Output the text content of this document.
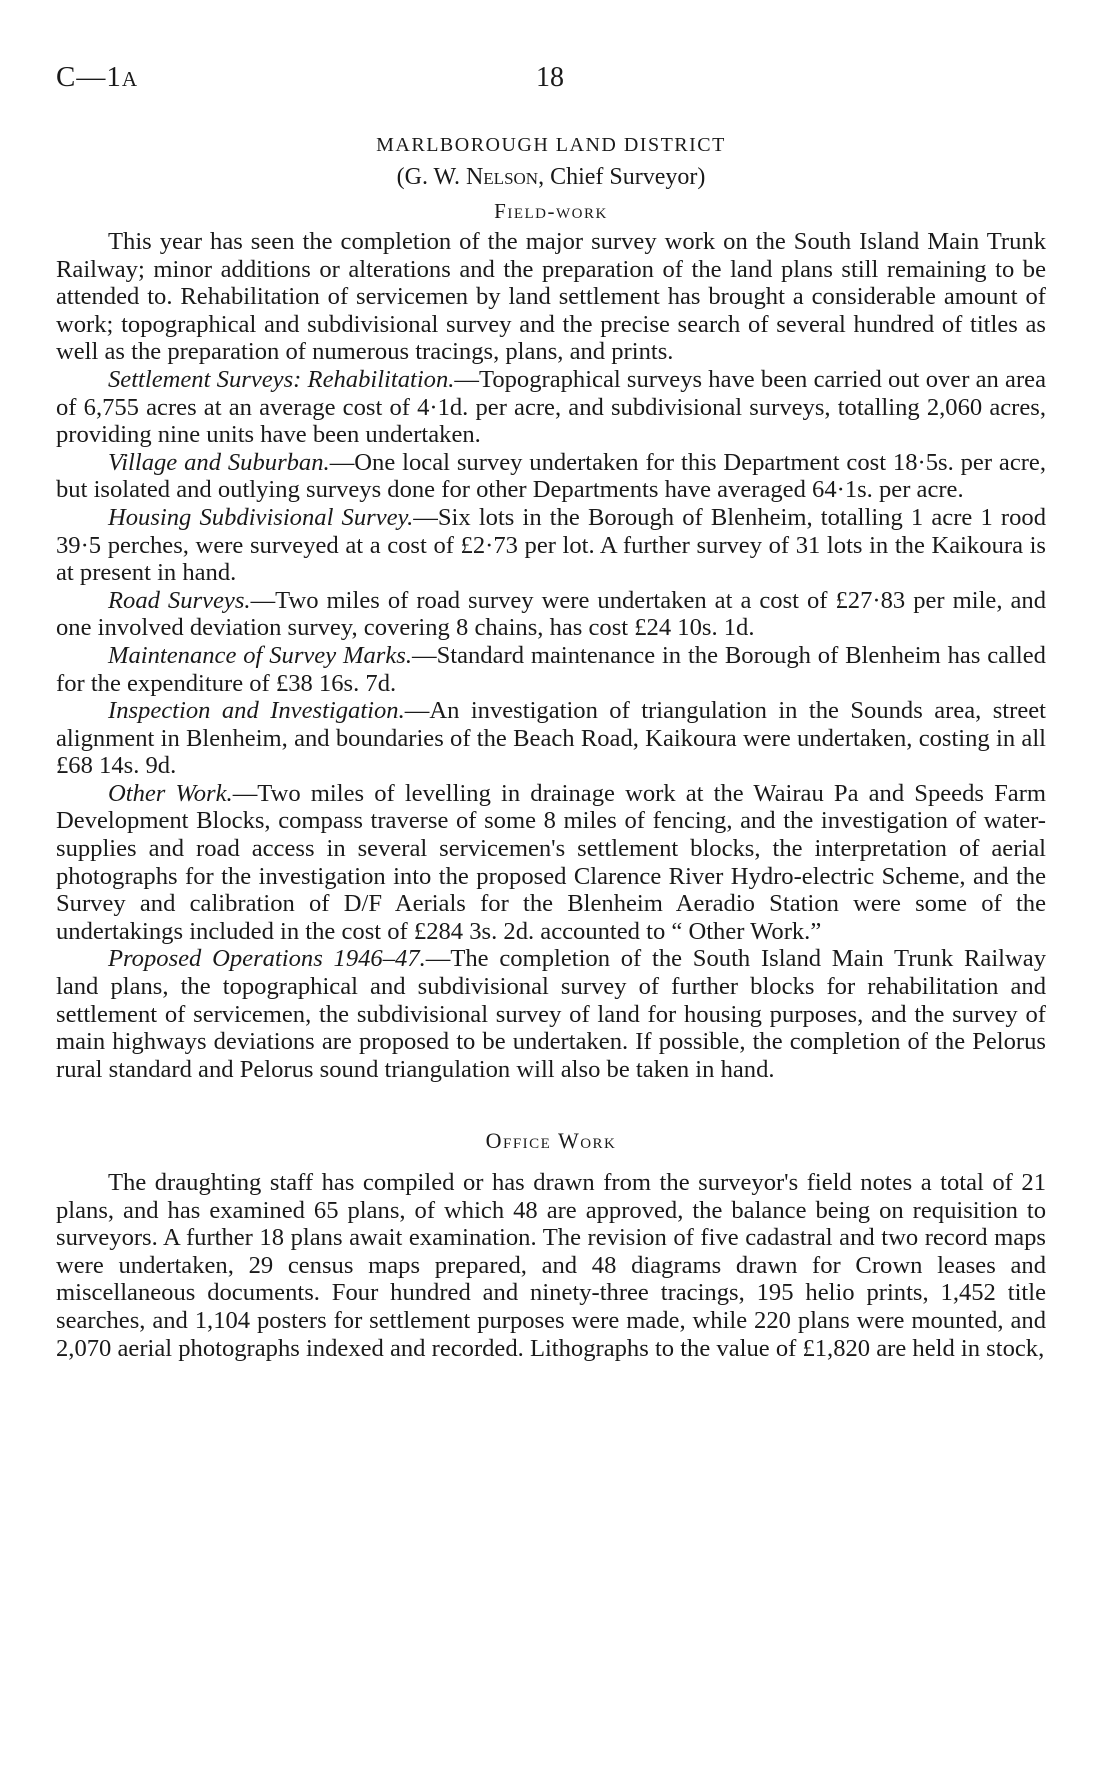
C—1A	18
MARLBOROUGH LAND DISTRICT
(G. W. Nelson, Chief Surveyor)
Field-work

This year has seen the completion of the major survey work on the South Island Main Trunk Railway; minor additions or alterations and the preparation of the land plans still remaining to be attended to. Rehabilitation of servicemen by land settlement has brought a considerable amount of work; topographical and subdivisional survey and the precise search of several hundred of titles as well as the preparation of numerous tracings, plans, and prints.

Settlement Surveys: Rehabilitation.—Topographical surveys have been carried out over an area of 6,755 acres at an average cost of 4·1d. per acre, and subdivisional surveys, totalling 2,060 acres, providing nine units have been undertaken.

Village and Suburban.—One local survey undertaken for this Department cost 18·5s. per acre, but isolated and outlying surveys done for other Departments have averaged 64·1s. per acre.

Housing Subdivisional Survey.—Six lots in the Borough of Blenheim, totalling 1 acre 1 rood 39·5 perches, were surveyed at a cost of £2·73 per lot. A further survey of 31 lots in the Kaikoura is at present in hand.

Road Surveys.—Two miles of road survey were undertaken at a cost of £27·83 per mile, and one involved deviation survey, covering 8 chains, has cost £24 10s. 1d.

Maintenance of Survey Marks.—Standard maintenance in the Borough of Blenheim has called for the expenditure of £38 16s. 7d.

Inspection and Investigation.—An investigation of triangulation in the Sounds area, street alignment in Blenheim, and boundaries of the Beach Road, Kaikoura were undertaken, costing in all £68 14s. 9d.

Other Work.—Two miles of levelling in drainage work at the Wairau Pa and Speeds Farm Development Blocks, compass traverse of some 8 miles of fencing, and the investigation of water-supplies and road access in several servicemen's settlement blocks, the interpretation of aerial photographs for the investigation into the proposed Clarence River Hydro-electric Scheme, and the Survey and calibration of D/F Aerials for the Blenheim Aeradio Station were some of the undertakings included in the cost of £284 3s. 2d. accounted to “ Other Work.”

Proposed Operations 1946–47.—The completion of the South Island Main Trunk Railway land plans, the topographical and subdivisional survey of further blocks for rehabilitation and settlement of servicemen, the subdivisional survey of land for housing purposes, and the survey of main highways deviations are proposed to be undertaken. If possible, the completion of the Pelorus rural standard and Pelorus sound triangulation will also be taken in hand.

Office Work

The draughting staff has compiled or has drawn from the surveyor's field notes a total of 21 plans, and has examined 65 plans, of which 48 are approved, the balance being on requisition to surveyors. A further 18 plans await examination. The revision of five cadastral and two record maps were undertaken, 29 census maps prepared, and 48 diagrams drawn for Crown leases and miscellaneous documents. Four hundred and ninety-three tracings, 195 helio prints, 1,452 title searches, and 1,104 posters for settlement purposes were made, while 220 plans were mounted, and 2,070 aerial photographs indexed and recorded. Lithographs to the value of £1,820 are held in stock,
